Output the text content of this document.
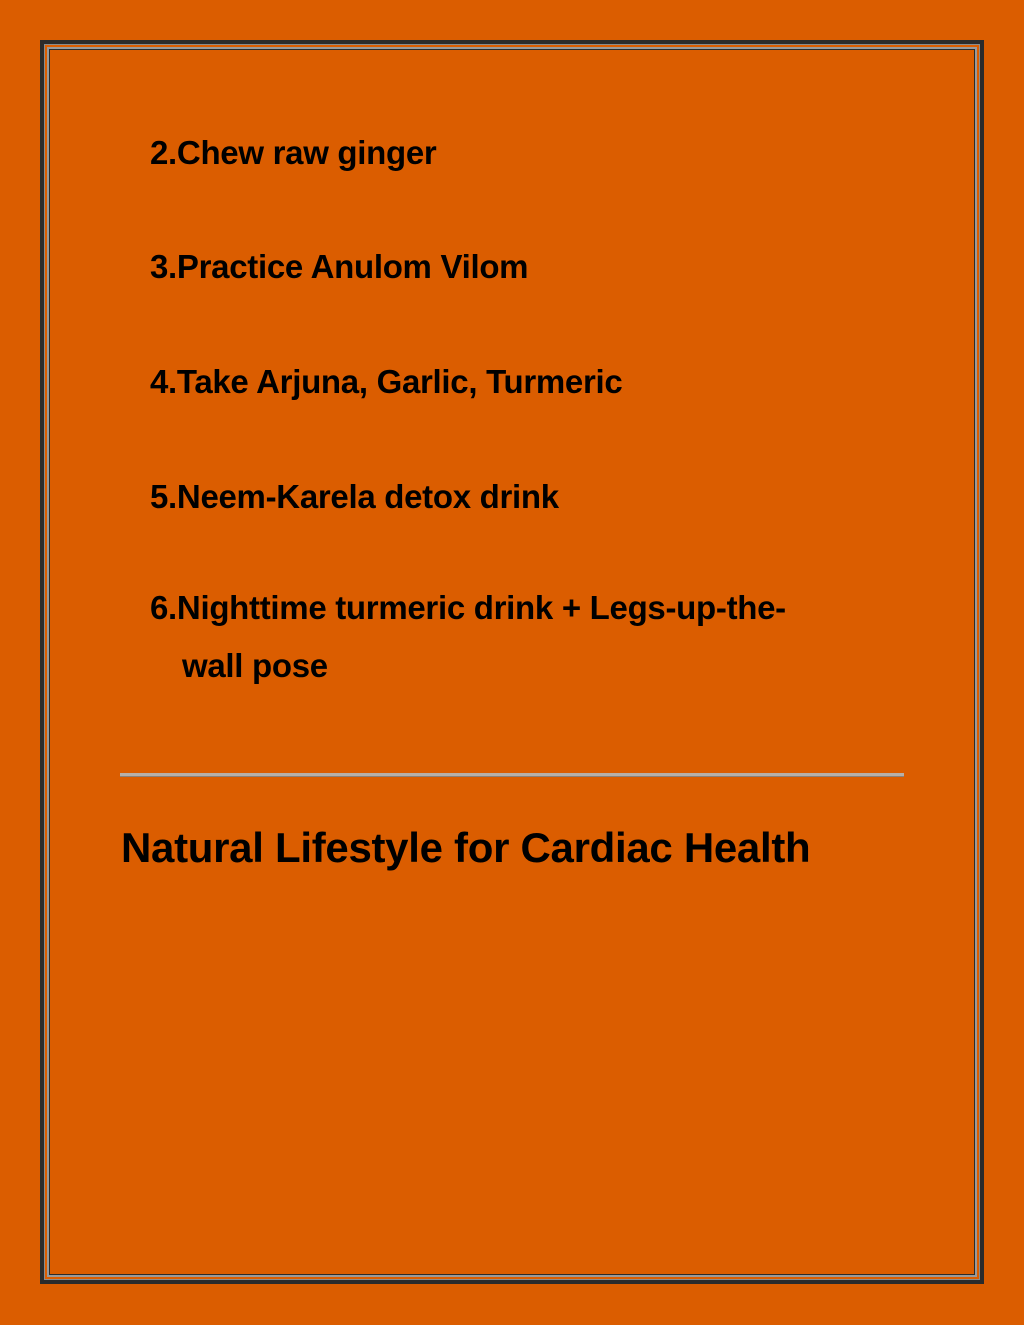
2.Chew raw ginger
3.Practice Anulom Vilom
4.Take Arjuna, Garlic, Turmeric
5.Neem-Karela detox drink
6.Nighttime turmeric drink + Legs-up-the-
wall pose
Natural Lifestyle for Cardiac Health
